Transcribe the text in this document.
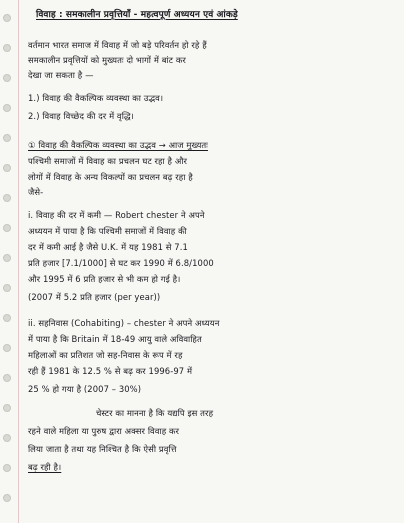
विवाह : समकालीन प्रवृत्तियाँ - महत्वपूर्ण अध्ययन एवं आंकड़े
वर्तमान भारत समाज में विवाह में जो बड़े परिवर्तन हो रहे हैं
समकालीन प्रवृत्तियों को मुख्यतः दो भागों में बांट कर
देखा जा सकता है —
1.) विवाह की वैकल्पिक व्यवस्था का उद्भव।
2.) विवाह विच्छेद की दर में वृद्धि।
① विवाह की वैकल्पिक व्यवस्था का उद्भव → आज मुख्यतः
पश्चिमी समाजों में विवाह का प्रचलन घट रहा है और
लोगों में विवाह के अन्य विकल्पों का प्रचलन बढ़ रहा है
जैसे-
i. विवाह की दर में कमी — Robert chester ने अपने
अध्ययन में पाया है कि पश्चिमी समाजों में विवाह की
दर में कमी आई है जैसे U.K. में यह 1981 से 7.1
प्रति हजार [7.1/1000] से घट कर 1990 में 6.8/1000
और 1995 में 6 प्रति हजार से भी कम हो गई है।
(2007 में 5.2 प्रति हजार (per year))
ii. सहनिवास (Cohabiting) – chester ने अपने अध्ययन
में पाया है कि Britain में 18-49 आयु वाले अविवाहित
महिलाओं का प्रतिशत जो सह-निवास के रूप में रह
रही हैं 1981 के 12.5 % से बढ़ कर 1996-97 में
25 % हो गया है (2007 – 30%)
चेस्टर का मानना है कि यद्यपि इस तरह
रहने वाले महिला या पुरुष द्वारा अक्सर विवाह कर
लिया जाता है तथा यह निश्चित है कि ऐसी प्रवृत्ति
बढ़ रही है।
